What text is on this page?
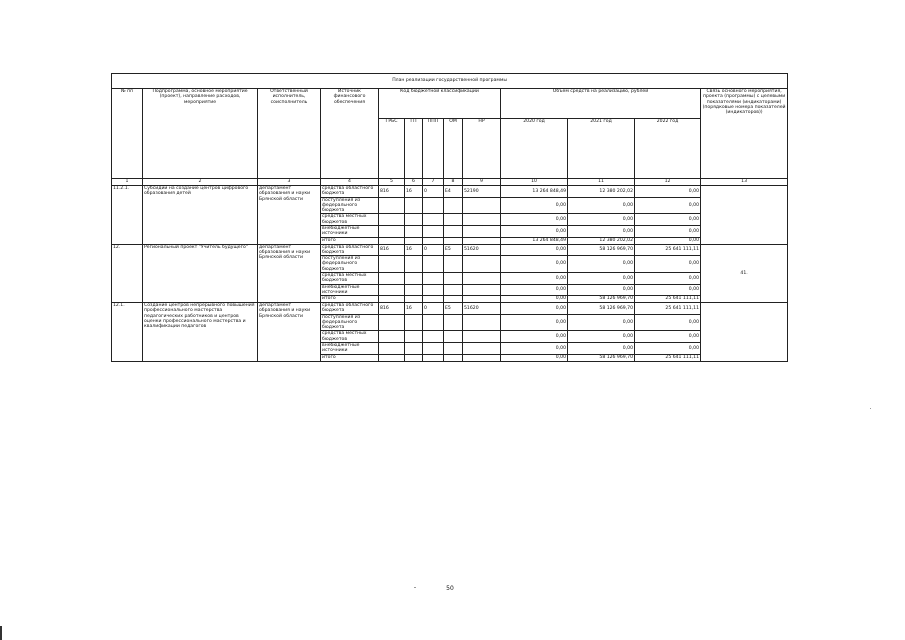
План реализации государственной программы												
№ пп	Подпрограмма, основное мероприятие (проект), направление расходов, мероприятие	Ответственный исполнитель, соисполнитель	Источник финансового обеспечения	Код бюджетной классификации					Объём средств на реализацию, рублей			Связь основного мероприятия, проекта (программы) с целевыми показателями (индикаторами) (порядковые номера показателей (индикаторов))
				ГРБС	ГП	ППП	ОМ	НР	2020 год	2021 год	2022 год	
1	2	3	4	5	6	7	8	9	10	11	12	13
11.2.1.	Субсидии на создание центров цифрового образования детей	департамент образования и науки Брянской области	средства областного бюджета	816	16	0	E4	52190	13 264 848,49	12 380 202,02	0,00	
			поступления из федерального бюджета						0,00	0,00	0,00	
			средства местных бюджетов						0,00	0,00	0,00	
			внебюджетные источники						0,00	0,00	0,00	
			итого						13 264 848,49	12 380 202,02	0,00	
12.	Региональный проект "Учитель будущего"	департамент образования и науки Брянской области	средства областного бюджета	816	16	0	E5	51620	0,00	58 126 969,70	25 641 111,11	41.
			поступления из федерального бюджета						0,00	0,00	0,00	
			средства местных бюджетов						0,00	0,00	0,00	
			внебюджетные источники						0,00	0,00	0,00	
			итого						0,00	58 126 969,70	25 641 111,11	
12.1.	Создание центров непрерывного повышения профессионального мастерства педагогических работников и центров оценки профессионального мастерства и квалификации педагогов	департамент образования и науки Брянской области	средства областного бюджета	816	16	0	E5	51620	0,00	58 126 969,70	25 641 111,11	
			поступления из федерального бюджета						0,00	0,00	0,00	
			средства местных бюджетов						0,00	0,00	0,00	
			внебюджетные источники						0,00	0,00	0,00	
			итого						0,00	58 126 969,70	25 641 111,11	
50
